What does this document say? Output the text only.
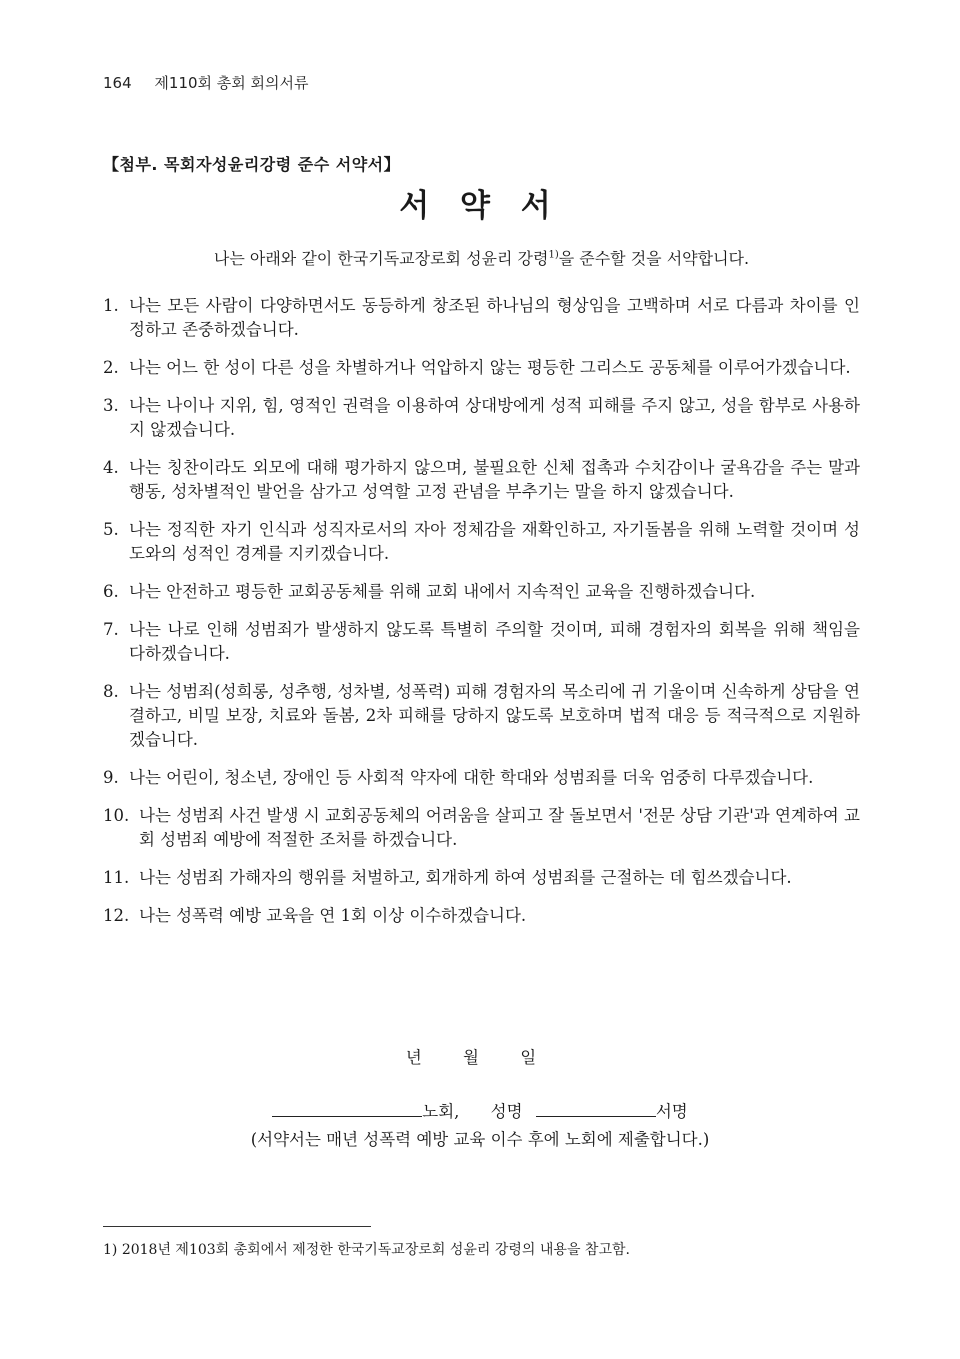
164 제110회 총회 회의서류
【첨부. 목회자성윤리강령 준수 서약서】
서 약 서
나는 아래와 같이 한국기독교장로회 성윤리 강령$^{1)}$을 준수할 것을 서약합니다.
1. 나는 모든 사람이 다양하면서도 동등하게 창조된 하나님의 형상임을 고백하며 서로 다름과 차이를 인정하고 존중하겠습니다.
2. 나는 어느 한 성이 다른 성을 차별하거나 억압하지 않는 평등한 그리스도 공동체를 이루어가겠습니다.
3. 나는 나이나 지위, 힘, 영적인 권력을 이용하여 상대방에게 성적 피해를 주지 않고, 성을 함부로 사용하지 않겠습니다.
4. 나는 칭찬이라도 외모에 대해 평가하지 않으며, 불필요한 신체 접촉과 수치감이나 굴욕감을 주는 말과 행동, 성차별적인 발언을 삼가고 성역할 고정 관념을 부추기는 말을 하지 않겠습니다.
5. 나는 정직한 자기 인식과 성직자로서의 자아 정체감을 재확인하고, 자기돌봄을 위해 노력할 것이며 성도와의 성적인 경계를 지키겠습니다.
6. 나는 안전하고 평등한 교회공동체를 위해 교회 내에서 지속적인 교육을 진행하겠습니다.
7. 나는 나로 인해 성범죄가 발생하지 않도록 특별히 주의할 것이며, 피해 경험자의 회복을 위해 책임을 다하겠습니다.
8. 나는 성범죄(성희롱, 성추행, 성차별, 성폭력) 피해 경험자의 목소리에 귀 기울이며 신속하게 상담을 연결하고, 비밀 보장, 치료와 돌봄, 2차 피해를 당하지 않도록 보호하며 법적 대응 등 적극적으로 지원하겠습니다.
9. 나는 어린이, 청소년, 장애인 등 사회적 약자에 대한 학대와 성범죄를 더욱 엄중히 다루겠습니다.
10. 나는 성범죄 사건 발생 시 교회공동체의 어려움을 살피고 잘 돌보면서 '전문 상담 기관'과 연계하여 교회 성범죄 예방에 적절한 조처를 하겠습니다.
11. 나는 성범죄 가해자의 행위를 처벌하고, 회개하게 하여 성범죄를 근절하는 데 힘쓰겠습니다.
12. 나는 성폭력 예방 교육을 연 1회 이상 이수하겠습니다.
년 월 일
노회, 성명	서명
(서약서는 매년 성폭력 예방 교육 이수 후에 노회에 제출합니다.)
1) 2018년 제103회 총회에서 제정한 한국기독교장로회 성윤리 강령의 내용을 참고함.
